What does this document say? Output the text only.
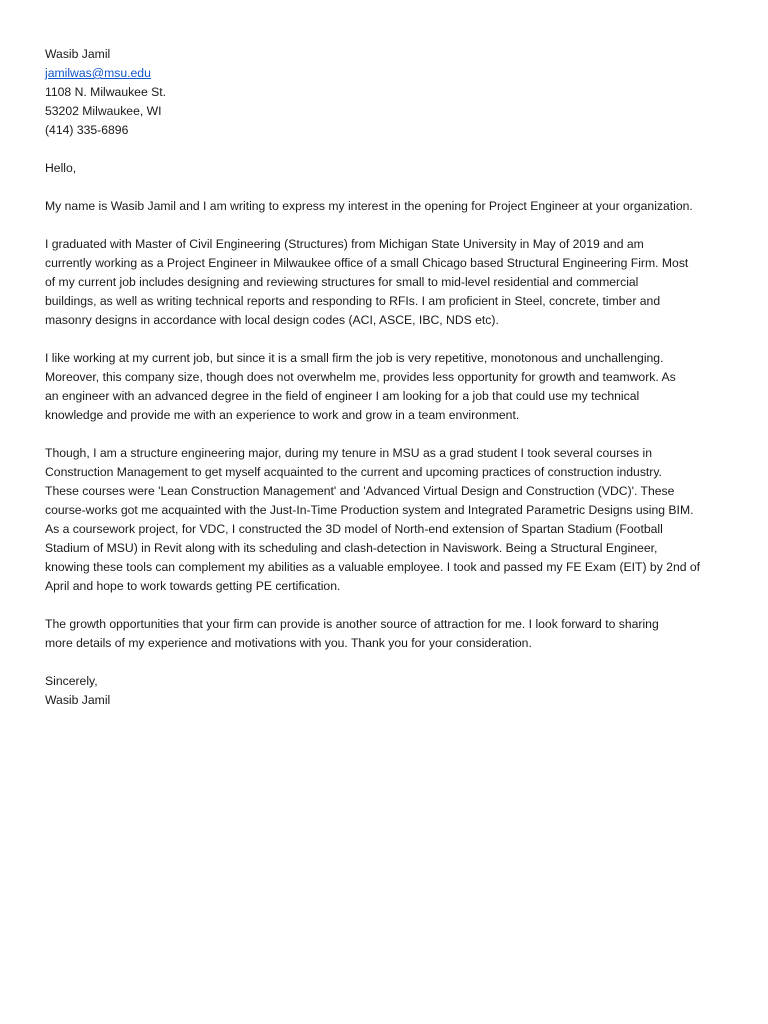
Wasib Jamil
jamilwas@msu.edu
1108 N. Milwaukee St.
53202 Milwaukee, WI
(414) 335-6896

Hello,

My name is Wasib Jamil and I am writing to express my interest in the opening for Project Engineer at your organization.

I graduated with Master of Civil Engineering (Structures) from Michigan State University in May of 2019 and am
currently working as a Project Engineer in Milwaukee office of a small Chicago based Structural Engineering Firm. Most
of my current job includes designing and reviewing structures for small to mid-level residential and commercial
buildings, as well as writing technical reports and responding to RFIs. I am proficient in Steel, concrete, timber and
masonry designs in accordance with local design codes (ACI, ASCE, IBC, NDS etc).

I like working at my current job, but since it is a small firm the job is very repetitive, monotonous and unchallenging.
Moreover, this company size, though does not overwhelm me, provides less opportunity for growth and teamwork. As
an engineer with an advanced degree in the field of engineer I am looking for a job that could use my technical
knowledge and provide me with an experience to work and grow in a team environment.

Though, I am a structure engineering major, during my tenure in MSU as a grad student I took several courses in
Construction Management to get myself acquainted to the current and upcoming practices of construction industry.
These courses were 'Lean Construction Management' and 'Advanced Virtual Design and Construction (VDC)'. These
course-works got me acquainted with the Just-In-Time Production system and Integrated Parametric Designs using BIM.
As a coursework project, for VDC, I constructed the 3D model of North-end extension of Spartan Stadium (Football
Stadium of MSU) in Revit along with its scheduling and clash-detection in Naviswork. Being a Structural Engineer,
knowing these tools can complement my abilities as a valuable employee. I took and passed my FE Exam (EIT) by 2nd of
April and hope to work towards getting PE certification.

The growth opportunities that your firm can provide is another source of attraction for me. I look forward to sharing
more details of my experience and motivations with you. Thank you for your consideration.

Sincerely,
Wasib Jamil
